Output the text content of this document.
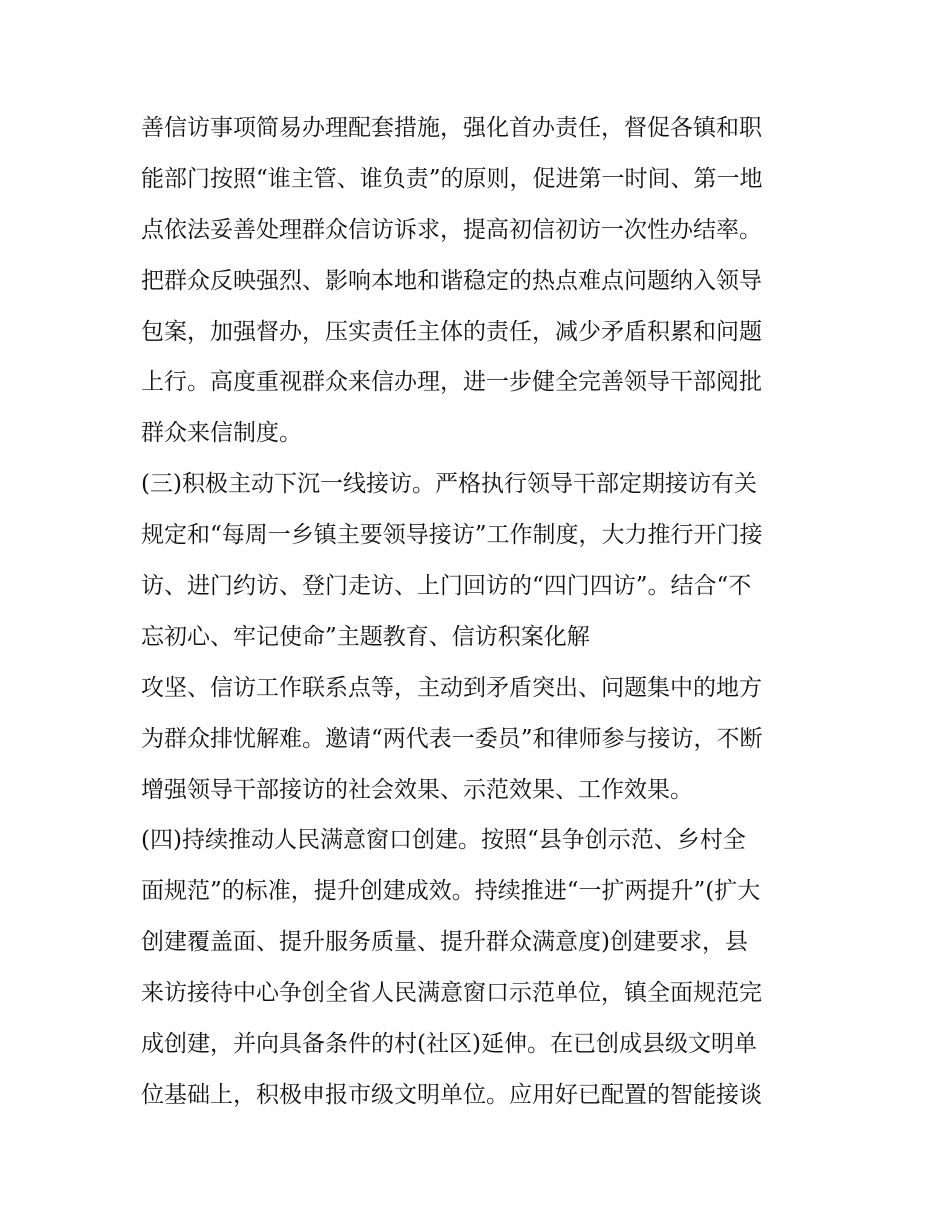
善信访事项简易办理配套措施，强化首办责任，督促各镇和职
能部门按照“谁主管、谁负责”的原则，促进第一时间、第一地
点依法妥善处理群众信访诉求，提高初信初访一次性办结率。
把群众反映强烈、影响本地和谐稳定的热点难点问题纳入领导
包案，加强督办，压实责任主体的责任，减少矛盾积累和问题
上行。高度重视群众来信办理，进一步健全完善领导干部阅批
群众来信制度。
(三)积极主动下沉一线接访。严格执行领导干部定期接访有关
规定和“每周一乡镇主要领导接访”工作制度，大力推行开门接
访、进门约访、登门走访、上门回访的“四门四访”。结合“不
忘初心、牢记使命”主题教育、信访积案化解
攻坚、信访工作联系点等，主动到矛盾突出、问题集中的地方
为群众排忧解难。邀请“两代表一委员”和律师参与接访，不断
增强领导干部接访的社会效果、示范效果、工作效果。
(四)持续推动人民满意窗口创建。按照“县争创示范、乡村全
面规范”的标准，提升创建成效。持续推进“一扩两提升”(扩大
创建覆盖面、提升服务质量、提升群众满意度)创建要求，县
来访接待中心争创全省人民满意窗口示范单位，镇全面规范完
成创建，并向具备条件的村(社区)延伸。在已创成县级文明单
位基础上，积极申报市级文明单位。应用好已配置的智能接谈
